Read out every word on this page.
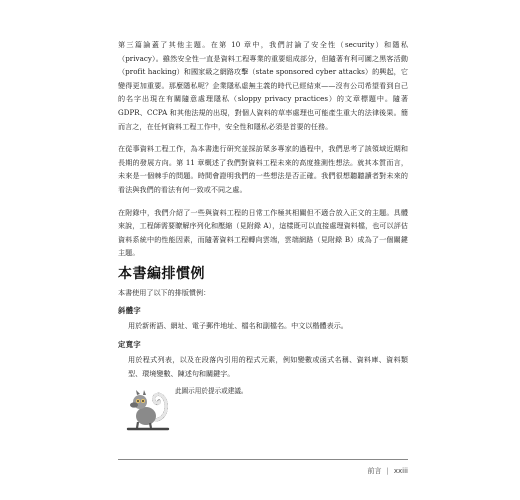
第三篇論蓋了其他主題。在第 10 章中，我們討論了安全性（security）和隱私（privacy）。雖然安全性一直是資料工程專業的重要組成部分，但隨著有利可圖之黑客活動（profit hacking）和國家級之網路攻擊（state sponsored cyber attacks）的興起，它變得更加重要。那麼隱私呢？企業隱私虛無主義的時代已經結束——沒有公司希望看到自己的名字出現在有關隨意處理隱私（sloppy privacy practices）的文章標題中。隨著 GDPR、CCPA 和其他法規的出現，對個人資料的草率處理也可能產生重大的法律後果。簡而言之，在任何資料工程工作中，安全性和隱私必須是首要的任務。

在從事資料工程工作，為本書進行研究並採訪眾多專家的過程中，我們思考了該領域近期和長期的發展方向。第 11 章概述了我們對資料工程未來的高度推測性想法。就其本質而言，未來是一個棘手的問題。時間會證明我們的一些想法是否正確。我們很想聽聽讀者對未來的看法與我們的看法有何一致或不同之處。

在附錄中，我們介紹了一些與資料工程的日常工作極其相關但不適合放入正文的主題。具體來說，工程師需要瞭解序列化和壓縮（見附錄 A），這樣既可以直接處理資料檔，也可以評估資料系統中的性能因素，而隨著資料工程轉向雲端，雲端網路（見附錄 B）成為了一個關鍵主題。

本書編排慣例
本書使用了以下的排版慣例：
斜體字
用於新術語、網址、電子郵件地址、檔名和副檔名。中文以楷體表示。
定寬字
用於程式列表，以及在段落內引用的程式元素，例如變數或函式名稱、資料庫、資料類型、環境變數、陳述句和關鍵字。
此圖示用於提示或建議。
前言 | xxiii
